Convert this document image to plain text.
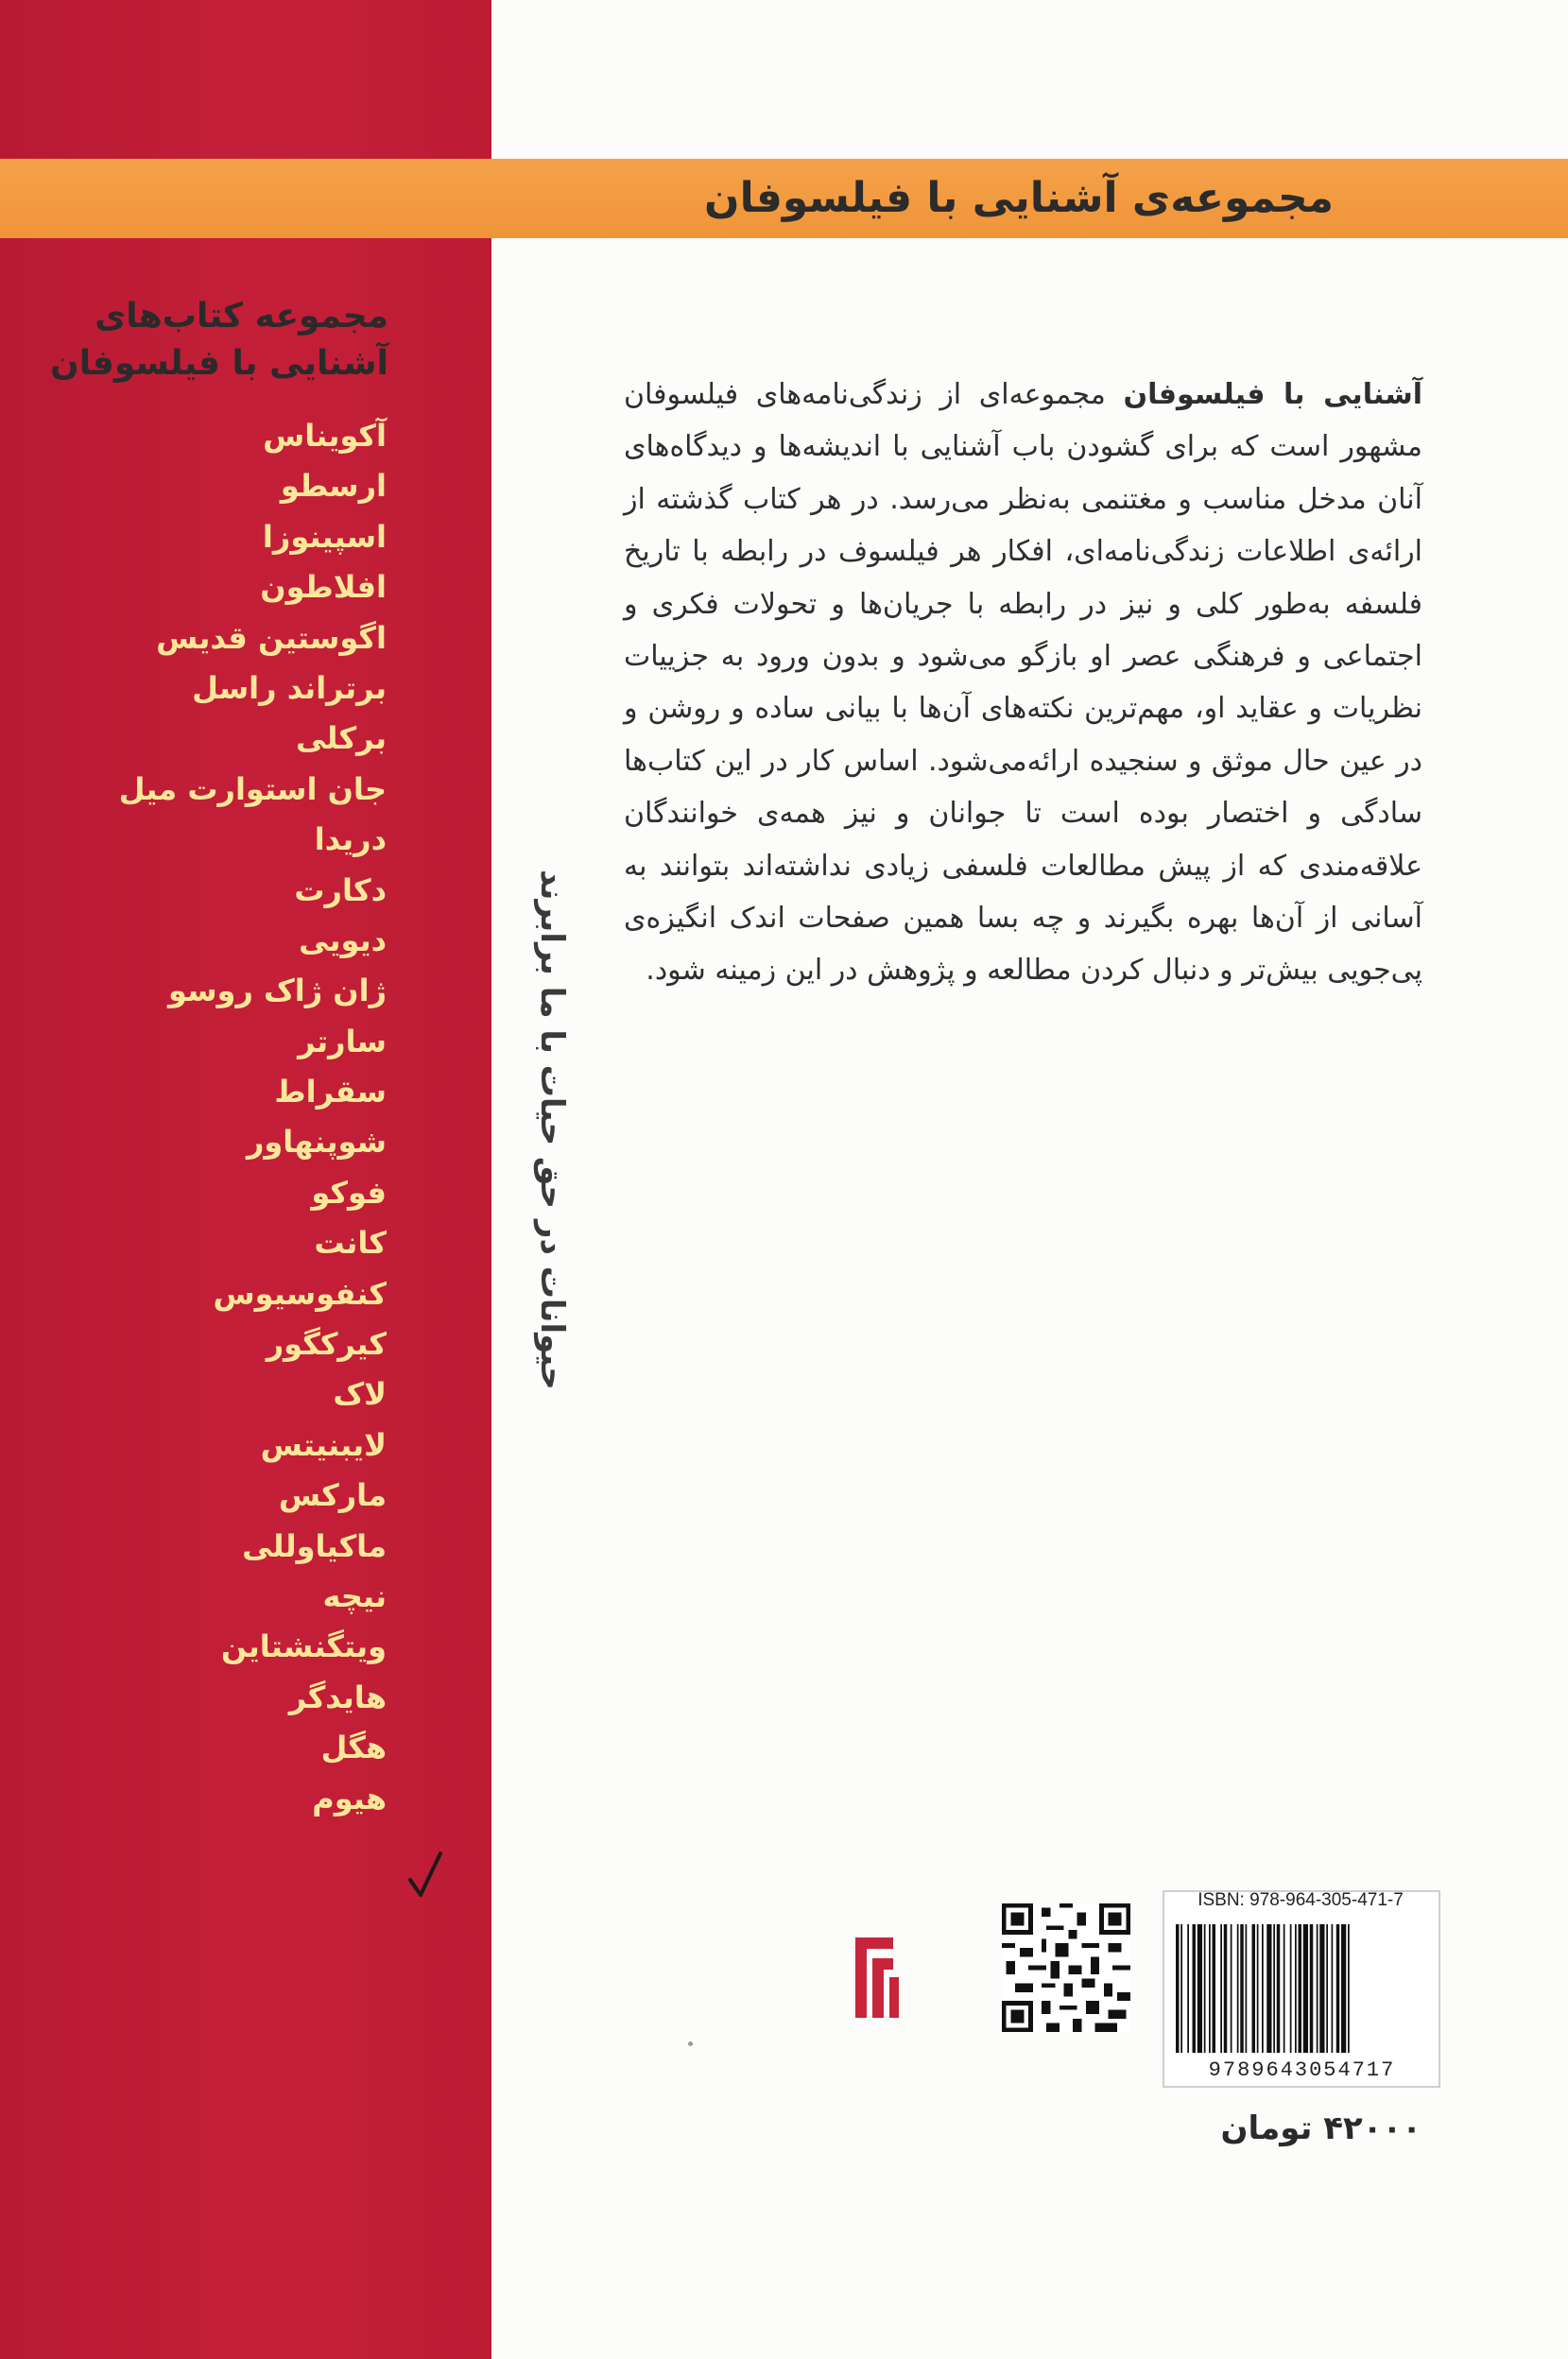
مجموعه‌ی آشنایی با فیلسوفان
مجموعه کتاب‌های
آشنایی با فیلسوفان
آکویناس
ارسطو
اسپینوزا
افلاطون
اگوستین قدیس
برتراند راسل
برکلی
جان استوارت میل
دریدا
دکارت
دیویی
ژان ژاک روسو
سارتر
سقراط
شوپنهاور
فوکو
کانت
کنفوسیوس
کیرکگور
لاک
لایبنیتس
مارکس
ماکیاوللی
نیچه
ویتگنشتاین
هایدگر
هگل
هیوم
حیوانات در حق حیات با ما برابرند
آشنایی با فیلسوفان مجموعه‌ای از زندگی‌نامه‌های فیلسوفان مشهور است که برای گشودن باب آشنایی با اندیشه‌ها و دیدگاه‌های آنان مدخل مناسب و مغتنمی به‌نظر می‌رسد. در هر کتاب گذشته از ارائه‌ی اطلاعات زندگی‌نامه‌ای، افکار هر فیلسوف در رابطه با تاریخ فلسفه به‌طور کلی و نیز در رابطه با جریان‌ها و تحولات فکری و اجتماعی و فرهنگی عصر او بازگو می‌شود و بدون ورود به جزییات نظریات و عقاید او، مهم‌ترین نکته‌های آن‌ها با بیانی ساده و روشن و در عین حال موثق و سنجیده ارائه‌می‌شود. اساس کار در این کتاب‌ها سادگی و اختصار بوده است تا جوانان و نیز همه‌ی خوانندگان علاقه‌مندی که از پیش مطالعات فلسفی زیادی نداشته‌اند بتوانند به آسانی از آن‌ها بهره بگیرند و چه بسا همین صفحات اندک انگیزه‌ی پی‌جویی بیش‌تر و دنبال کردن مطالعه و پژوهش در این زمینه شود.
ISBN: 978-964-305-471-7
9789643054717
۴۲۰۰۰ تومان
